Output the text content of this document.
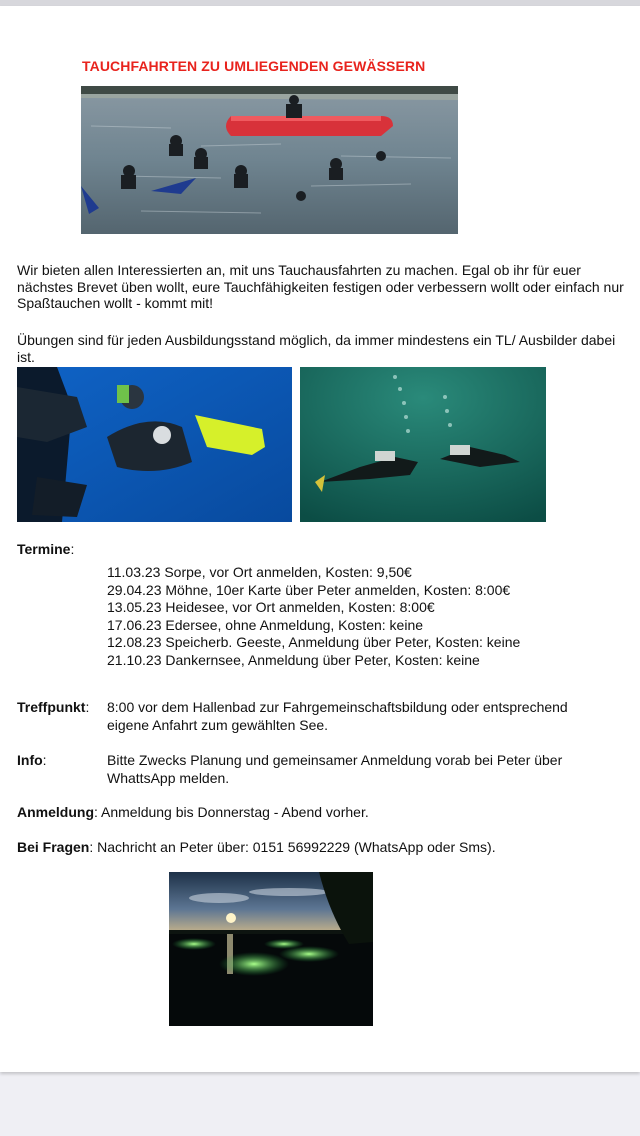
TAUCHFAHRTEN ZU UMLIEGENDEN GEWÄSSERN
Wir bieten allen Interessierten an, mit uns Tauchausfahrten zu machen. Egal ob ihr für euer nächstes Brevet üben wollt, eure Tauchfähigkeiten festigen oder verbessern wollt oder einfach nur Spaßtauchen wollt - kommt mit!
Übungen sind für jeden Ausbildungsstand möglich, da immer mindestens ein TL/ Ausbilder dabei ist.
Termine:
11.03.23 Sorpe, vor Ort anmelden, Kosten: 9,50€
29.04.23 Möhne, 10er Karte über Peter anmelden, Kosten: 8:00€
13.05.23 Heidesee, vor Ort anmelden, Kosten: 8:00€
17.06.23 Edersee, ohne Anmeldung, Kosten: keine
12.08.23 Speicherb. Geeste, Anmeldung über Peter, Kosten: keine
21.10.23 Dankernsee, Anmeldung über Peter, Kosten: keine
Treffpunkt: 8:00 vor dem Hallenbad zur Fahrgemeinschaftsbildung oder entsprechend
eigene Anfahrt zum gewählten See.
Info:	Bitte Zwecks Planung und gemeinsamer Anmeldung vorab bei Peter über
WhattsApp melden.
Anmeldung: Anmeldung bis Donnerstag - Abend vorher.
Bei Fragen: Nachricht an Peter über: 0151 56992229 (WhatsApp oder Sms).
